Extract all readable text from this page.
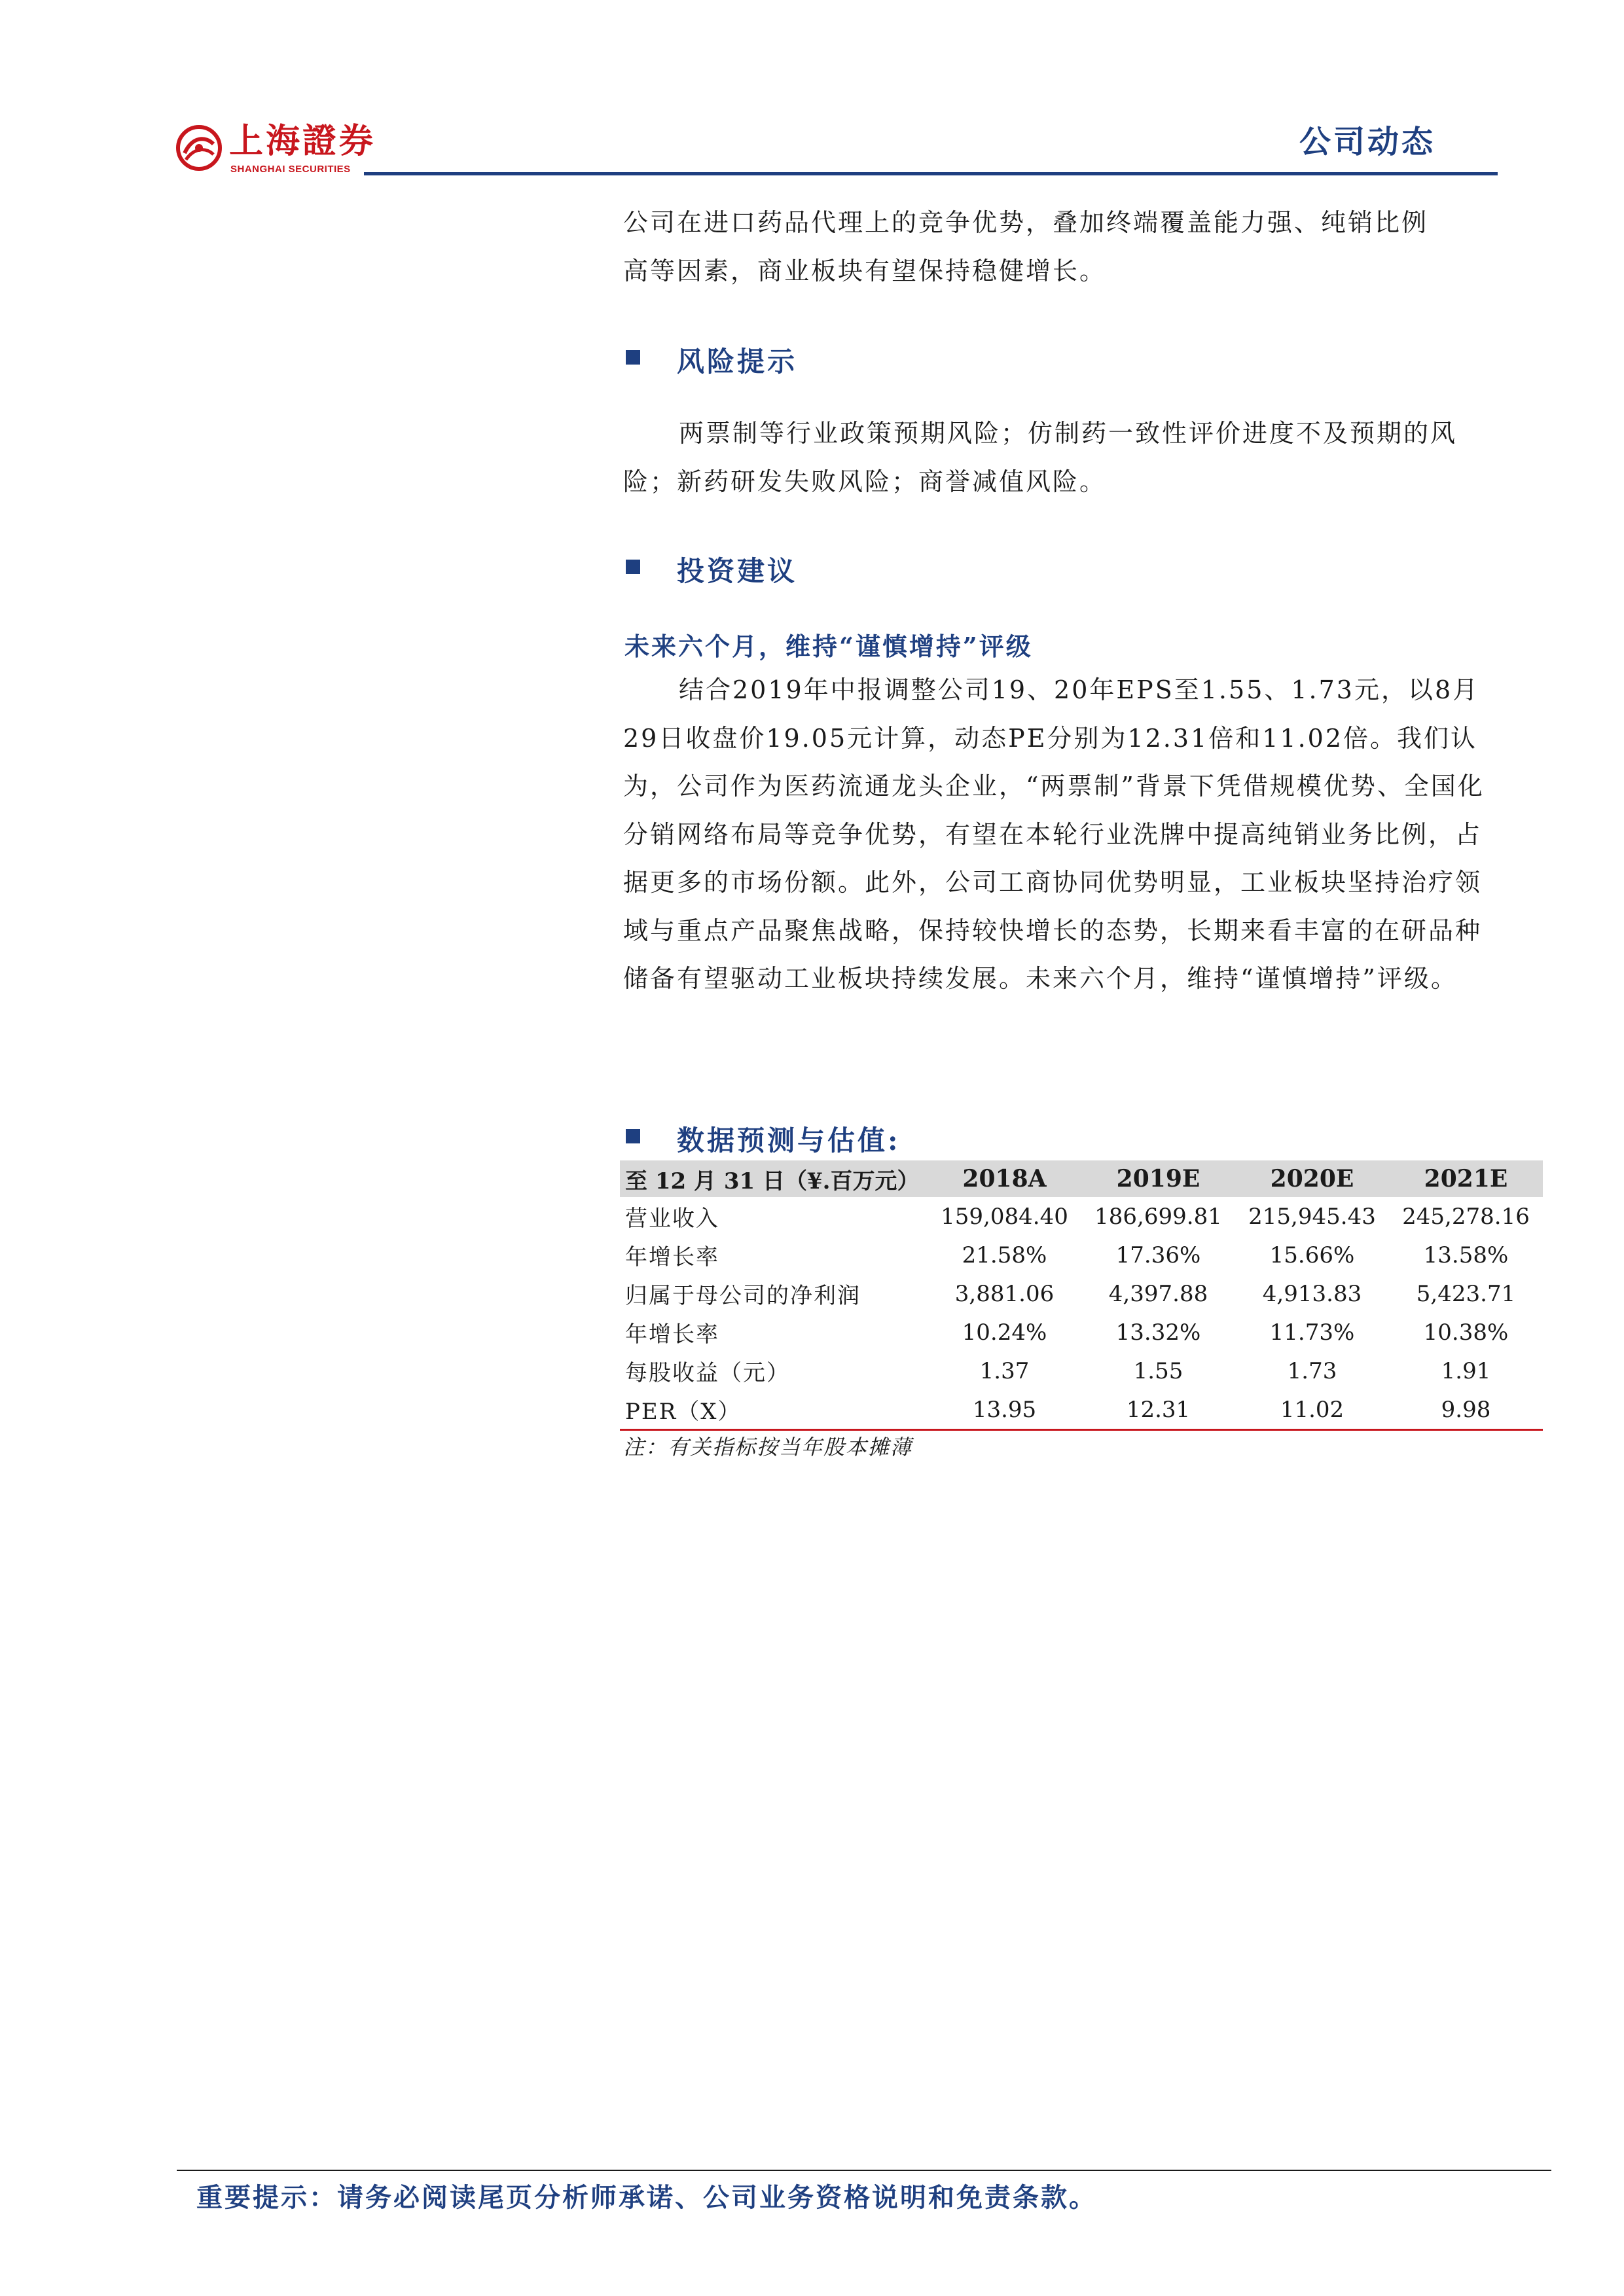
上海證券
SHANGHAI SECURITIES
公司动态

公司在进口药品代理上的竞争优势，叠加终端覆盖能力强、纯销比例

高等因素，商业板块有望保持稳健增长。

风险提示

两票制等行业政策预期风险；仿制药一致性评价进度不及预期的风险；新药研发失败风险；商誉减值风险。

投资建议
未来六个月，维持“谨慎增持”评级

结合2019年中报调整公司19、20年EPS至1.55、1.73元，以8月29日收盘价19.05元计算，动态PE分别为12.31倍和11.02倍。我们认为，公司作为医药流通龙头企业，“两票制”背景下凭借规模优势、全国化分销网络布局等竞争优势，有望在本轮行业洗牌中提高纯销业务比例，占据更多的市场份额。此外，公司工商协同优势明显，工业板块坚持治疗领域与重点产品聚焦战略，保持较快增长的态势，长期来看丰富的在研品种储备有望驱动工业板块持续发展。未来六个月，维持“谨慎增持”评级。

数据预测与估值:
至 12 月 31 日（¥.百万元）	2018A	2019E	2020E	2021E
营业收入	159,084.40	186,699.81	215,945.43	245,278.16
年增长率	21.58%	17.36%	15.66%	13.58%
归属于母公司的净利润	3,881.06	4,397.88	4,913.83	5,423.71
年增长率	10.24%	13.32%	11.73%	10.38%
每股收益（元）	1.37	1.55	1.73	1.91
PER（X）	13.95	12.31	11.02	9.98
注：有关指标按当年股本摊薄
重要提示：请务必阅读尾页分析师承诺、公司业务资格说明和免责条款。
